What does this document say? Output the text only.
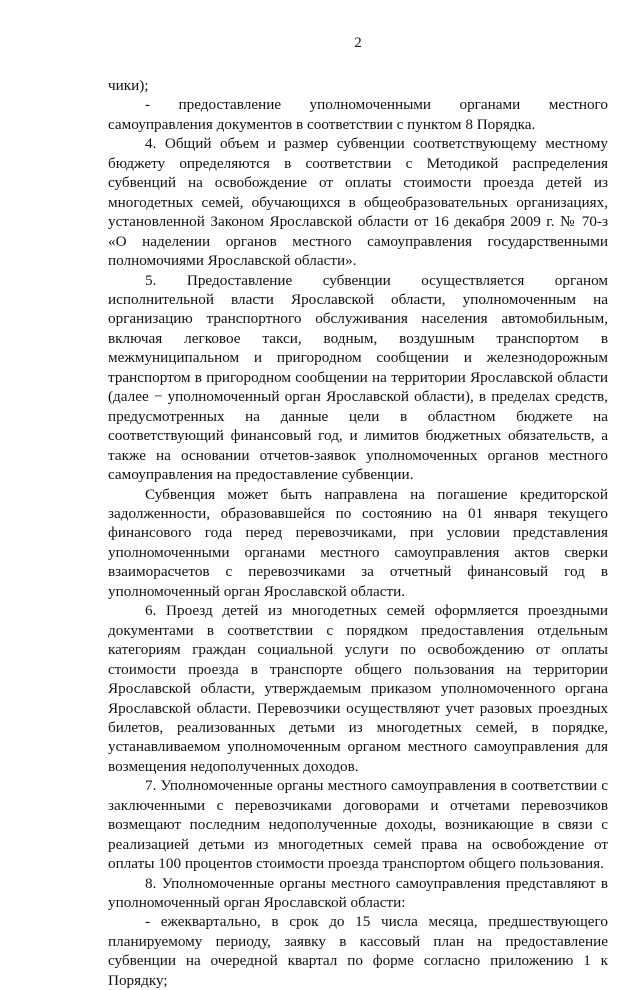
2

чики);

- предоставление уполномоченными органами местного самоуправления документов в соответствии с пунктом 8 Порядка.

4. Общий объем и размер субвенции соответствующему местному бюджету определяются в соответствии с Методикой распределения субвенций на освобождение от оплаты стоимости проезда детей из многодетных семей, обучающихся в общеобразовательных организациях, установленной Законом Ярославской области от 16 декабря 2009 г. № 70-з «О наделении органов местного самоуправления государственными полномочиями Ярославской области».

5. Предоставление субвенции осуществляется органом исполнительной власти Ярославской области, уполномоченным на организацию транспортного обслуживания населения автомобильным, включая легковое такси, водным, воздушным транспортом в межмуниципальном и пригородном сообщении и железнодорожным транспортом в пригородном сообщении на территории Ярославской области (далее − уполномоченный орган Ярославской области), в пределах средств, предусмотренных на данные цели в областном бюджете на соответствующий финансовый год, и лимитов бюджетных обязательств, а также на основании отчетов-заявок уполномоченных органов местного самоуправления на предоставление субвенции.

Субвенция может быть направлена на погашение кредиторской задолженности, образовавшейся по состоянию на 01 января текущего финансового года перед перевозчиками, при условии представления уполномоченными органами местного самоуправления актов сверки взаиморасчетов с перевозчиками за отчетный финансовый год в уполномоченный орган Ярославской области.

6. Проезд детей из многодетных семей оформляется проездными документами в соответствии с порядком предоставления отдельным категориям граждан социальной услуги по освобождению от оплаты стоимости проезда в транспорте общего пользования на территории Ярославской области, утверждаемым приказом уполномоченного органа Ярославской области. Перевозчики осуществляют учет разовых проездных билетов, реализованных детьми из многодетных семей, в порядке, устанавливаемом уполномоченным органом местного самоуправления для возмещения недополученных доходов.

7. Уполномоченные органы местного самоуправления в соответствии с заключенными с перевозчиками договорами и отчетами перевозчиков возмещают последним недополученные доходы, возникающие в связи с реализацией детьми из многодетных семей права на освобождение от оплаты 100 процентов стоимости проезда транспортом общего пользования.

8. Уполномоченные органы местного самоуправления представляют в уполномоченный орган Ярославской области:

- ежеквартально, в срок до 15 числа месяца, предшествующего планируемому периоду, заявку в кассовый план на предоставление субвенции на очередной квартал по форме согласно приложению 1 к Порядку;
